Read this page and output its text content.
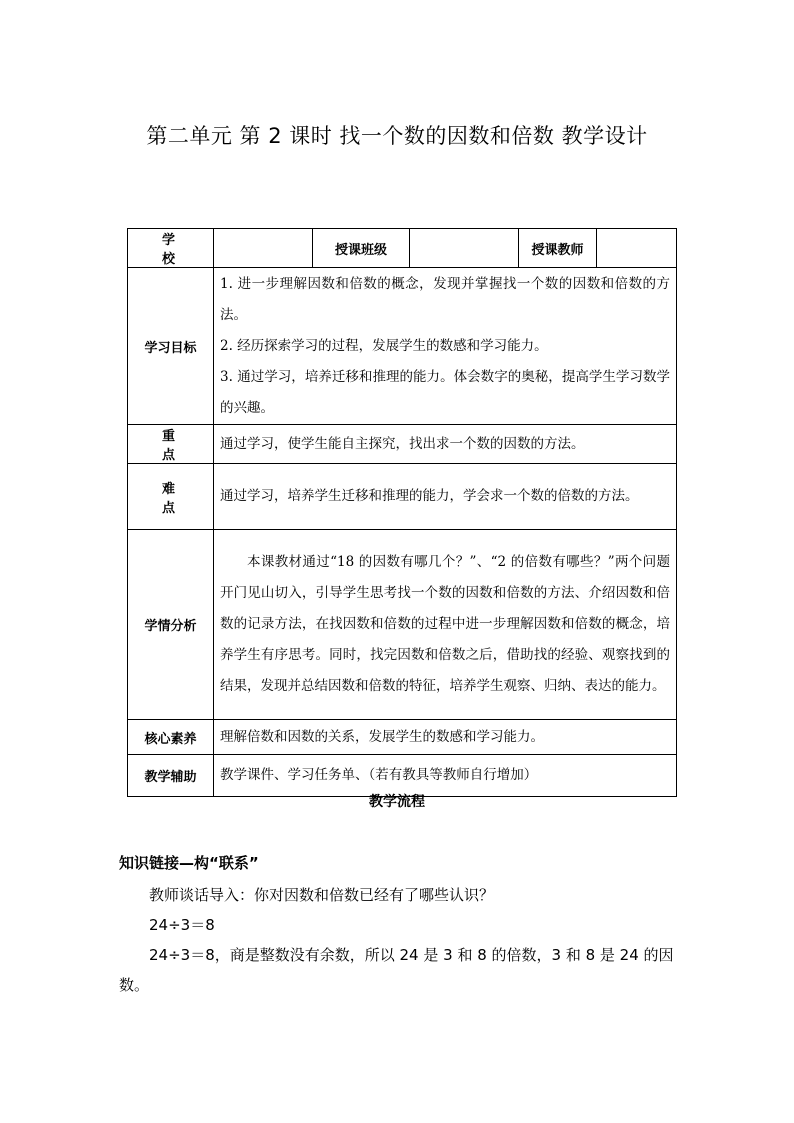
第二单元 第 2 课时 找一个数的因数和倍数 教学设计
学 校		授课班级		授课教师	
学习目标	1. 进一步理解因数和倍数的概念，发现并掌握找一个数的因数和倍数的方法。

2. 经历探索学习的过程，发展学生的数感和学习能力。

3. 通过学习，培养迁移和推理的能力。体会数字的奥秘，提高学生学习数学的兴趣。				

重 点	通过学习，使学生能自主探究，找出求一个数的因数的方法。				
难 点	通过学习，培养学生迁移和推理的能力，学会求一个数的倍数的方法。				
学情分析	本课教材通过“18 的因数有哪几个？”、“2 的倍数有哪些？”两个问题开门见山切入，引导学生思考找一个数的因数和倍数的方法、介绍因数和倍数的记录方法，在找因数和倍数的过程中进一步理解因数和倍数的概念，培养学生有序思考。同时，找完因数和倍数之后，借助找的经验、观察找到的结果，发现并总结因数和倍数的特征，培养学生观察、归纳、表达的能力。				
核心素养	理解倍数和因数的关系，发展学生的数感和学习能力。				
教学辅助	教学课件、学习任务单、（若有教具等教师自行增加）				
教学流程
知识链接—构“联系”

教师谈话导入：你对因数和倍数已经有了哪些认识？

24÷3＝8

24÷3＝8，商是整数没有余数，所以 24 是 3 和 8 的倍数，3 和 8 是 24 的因数。
